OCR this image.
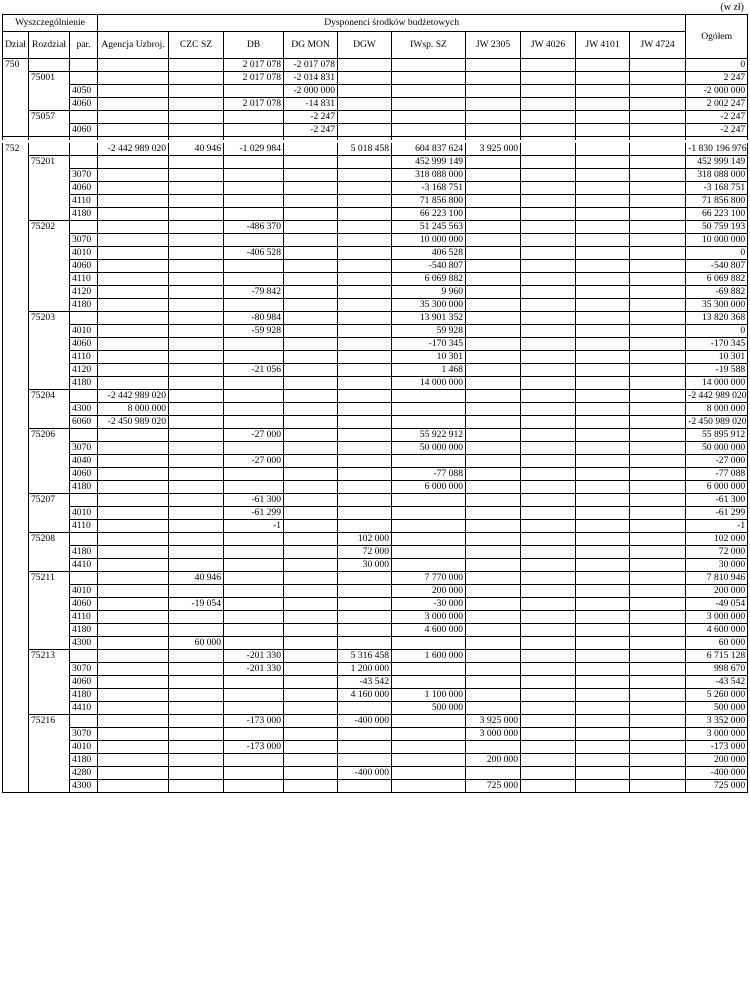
(w zł)
Wyszczególnienie			Dysponenci środków budżetowych										Ogółem
Dział	Rozdział	par.	Agencja Uzbroj.	CZC SZ	DB	DG MON	DGW	IWsp. SZ	JW 2305	JW 4026	JW 4101	JW 4724	
750					2 017 078	-2 017 078							0
	75001				2 017 078	-2 014 831							2 247
		4050				-2 000 000							-2 000 000
		4060			2 017 078	-14 831							2 002 247
	75057					-2 247							-2 247
		4060				-2 247							-2 247

752			-2 442 989 020	40 946	-1 029 984		5 018 458	604 837 624	3 925 000				-1 830 196 976
	75201							452 999 149					452 999 149
		3070						318 088 000					318 088 000
		4060						-3 168 751					-3 168 751
		4110						71 856 800					71 856 800
		4180						66 223 100					66 223 100
	75202				-486 370			51 245 563					50 759 193
		3070						10 000 000					10 000 000
		4010			-406 528			406 528					0
		4060						-540 807					-540 807
		4110						6 069 882					6 069 882
		4120			-79 842			9 960					-69 882
		4180						35 300 000					35 300 000
	75203				-80 984			13 901 352					13 820 368
		4010			-59 928			59 928					0
		4060						-170 345					-170 345
		4110						10 301					10 301
		4120			-21 056			1 468					-19 588
		4180						14 000 000					14 000 000
	75204		-2 442 989 020										-2 442 989 020
		4300	8 000 000										8 000 000
		6060	-2 450 989 020										-2 450 989 020
	75206				-27 000			55 922 912					55 895 912
		3070						50 000 000					50 000 000
		4040			-27 000								-27 000
		4060						-77 088					-77 088
		4180						6 000 000					6 000 000
	75207				-61 300								-61 300
		4010			-61 299								-61 299
		4110			-1								-1
	75208						102 000						102 000
		4180					72 000						72 000
		4410					30 000						30 000
	75211			40 946				7 770 000					7 810 946
		4010						200 000					200 000
		4060		-19 054				-30 000					-49 054
		4110						3 000 000					3 000 000
		4180						4 600 000					4 600 000
		4300		60 000									60 000
	75213				-201 330		5 316 458	1 600 000					6 715 128
		3070			-201 330		1 200 000						998 670
		4060					-43 542						-43 542
		4180					4 160 000	1 100 000					5 260 000
		4410						500 000					500 000
	75216				-173 000		-400 000		3 925 000				3 352 000
		3070							3 000 000				3 000 000
		4010			-173 000								-173 000
		4180							200 000				200 000
		4280					-400 000						-400 000
		4300							725 000				725 000
